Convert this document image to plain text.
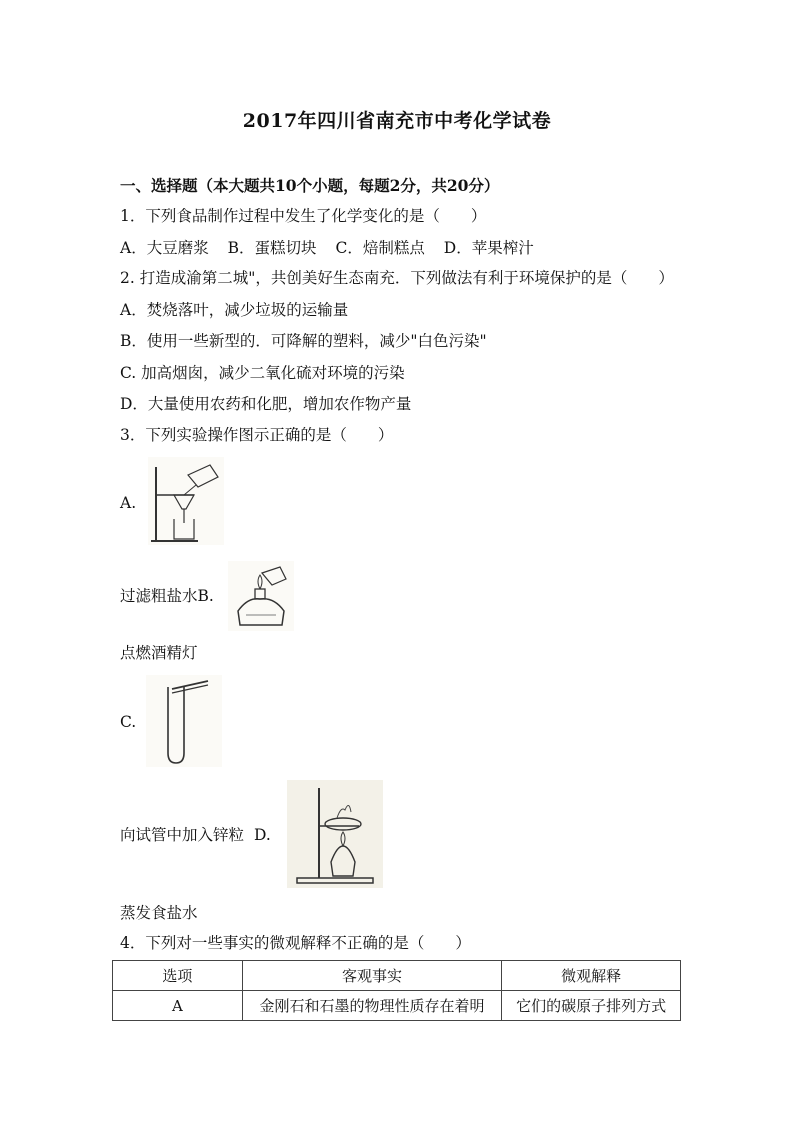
2017年四川省南充市中考化学试卷
一、选择题（本大题共10个小题，每题2分，共20分）
1．下列食品制作过程中发生了化学变化的是（　　）
A．大豆磨浆 B．蛋糕切块 C．焙制糕点 D．苹果榨汁
2. 打造成渝第二城"，共创美好生态南充．下列做法有利于环境保护的是（　　）
A．焚烧落叶，减少垃圾的运输量
B．使用一些新型的．可降解的塑料，减少"白色污染"
C. 加高烟囱，减少二氧化硫对环境的污染
D．大量使用农药和化肥，增加农作物产量
3．下列实验操作图示正确的是（　　）
A.
过滤粗盐水B.
点燃酒精灯
C.
向试管中加入锌粒 D.
蒸发食盐水
4．下列对一些事实的微观解释不正确的是（　　）
选项	客观事实	微观解释
A	金刚石和石墨的物理性质存在着明	它们的碳原子排列方式
